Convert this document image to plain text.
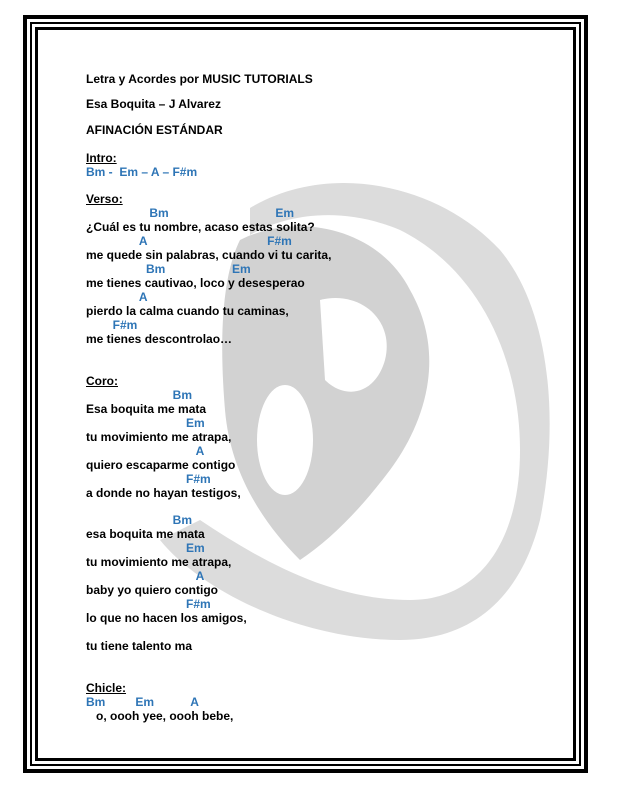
Letra y Acordes por MUSIC TUTORIALS
Esa Boquita – J Alvarez
AFINACIÓN ESTÁNDAR
Intro:
Bm -  Em – A – F#m
Verso:
Bm                                Em
¿Cuál es tu nombre, acaso estas solita?
A                                    F#m
me quede sin palabras, cuando vi tu carita,
Bm                    Em
me tienes cautivao, loco y desesperao
A
pierdo la calma cuando tu caminas,
F#m
me tienes descontrolao…
Coro:
Bm
Esa boquita me mata
Em
tu movimiento me atrapa,
A
quiero escaparme contigo
F#m
a donde no hayan testigos,
Bm
esa boquita me mata
Em
tu movimiento me atrapa,
A
baby yo quiero contigo
F#m
lo que no hacen los amigos,
tu tiene talento ma
Chicle:
Bm         Em           A
o, oooh yee, oooh bebe,
